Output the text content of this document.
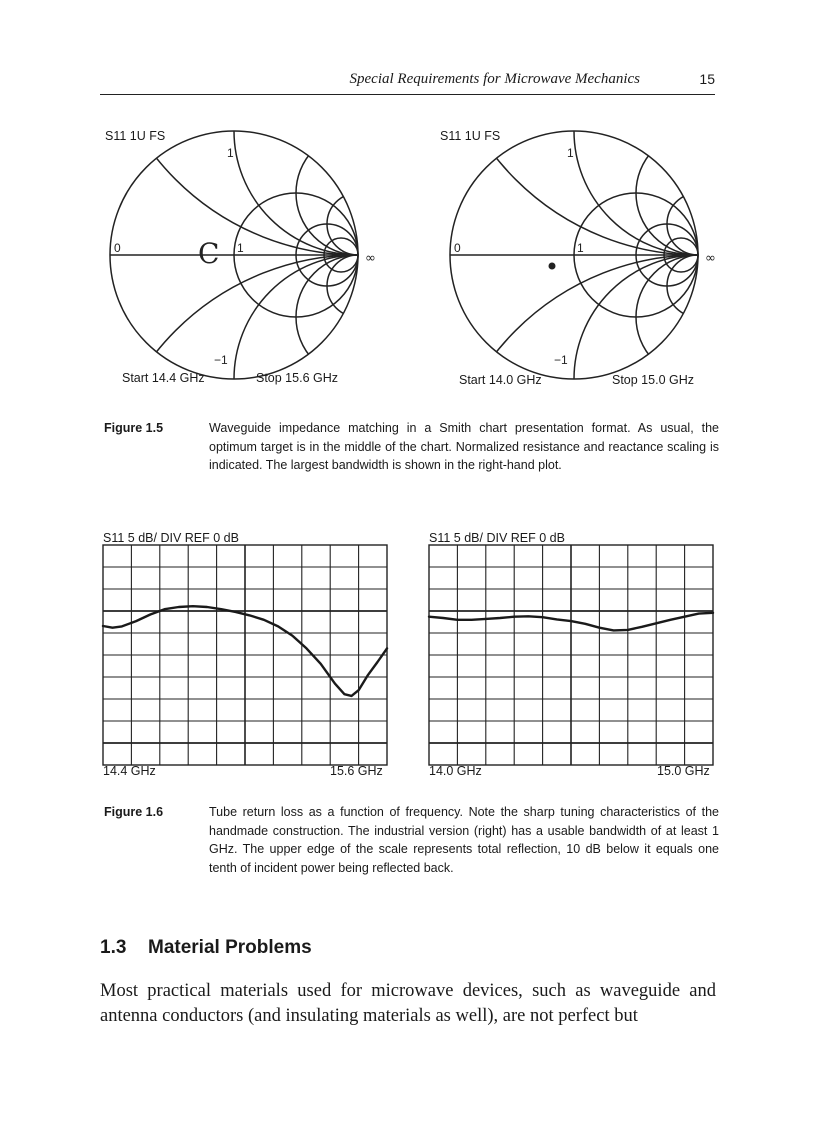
Special Requirements for Microwave Mechanics	15
S11 1U FS	S11 1U FS
1
0	1
−1
∞
C
1
0	1
−1
∞
Start 14.4 GHz	Stop 15.6 GHz	Start 14.0 GHz	Stop 15.0 GHz
Figure 1.5	Waveguide impedance matching in a Smith chart presentation format. As usual, the optimum target is in the middle of the chart. Normalized resistance and reactance scaling is indicated. The largest bandwidth is shown in the right-hand plot.
S11 5 dB/ DIV REF 0 dB	S11 5 dB/ DIV REF 0 dB
14.4 GHz	15.6 GHz	14.0 GHz	15.0 GHz
Figure 1.6	Tube return loss as a function of frequency. Note the sharp tuning characteristics of the handmade construction. The industrial version (right) has a usable bandwidth of at least 1 GHz. The upper edge of the scale represents total reflection, 10 dB below it equals one tenth of incident power being reflected back.
1.3 Material Problems
Most practical materials used for microwave devices, such as waveguide and antenna conductors (and insulating materials as well), are not perfect but
